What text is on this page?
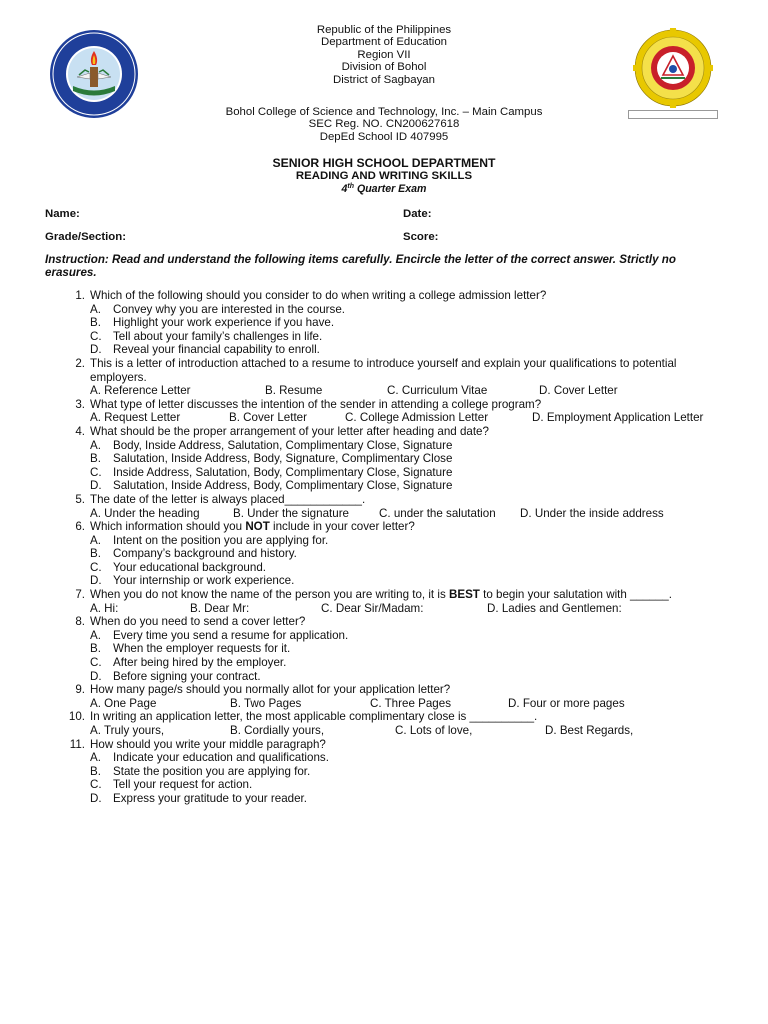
Republic of the Philippines
Department of Education
Region VII
Division of Bohol
District of Sagbayan
Bohol College of Science and Technology, Inc. – Main Campus
SEC Reg. NO. CN200627618
DepEd School ID 407995
SENIOR HIGH SCHOOL DEPARTMENT
READING AND WRITING SKILLS
4th Quarter Exam
Name:	Date:
Grade/Section:	Score:
Instruction: Read and understand the following items carefully. Encircle the letter of the correct answer. Strictly no erasures.
1. Which of the following should you consider to do when writing a college admission letter?
A. Convey why you are interested in the course.
B. Highlight your work experience if you have.
C. Tell about your family’s challenges in life.
D. Reveal your financial capability to enroll.
2. This is a letter of introduction attached to a resume to introduce yourself and explain your qualifications to potential employers.
A. Reference Letter	B. Resume	C. Curriculum Vitae	D. Cover Letter
3. What type of letter discusses the intention of the sender in attending a college program?
A. Request Letter	B. Cover Letter	C. College Admission Letter	D. Employment Application Letter
4. What should be the proper arrangement of your letter after heading and date?
A. Body, Inside Address, Salutation, Complimentary Close, Signature
B. Salutation, Inside Address, Body, Signature, Complimentary Close
C. Inside Address, Salutation, Body, Complimentary Close, Signature
D. Salutation, Inside Address, Body, Complimentary Close, Signature
5. The date of the letter is always placed____________.
A. Under the heading	B. Under the signature	C. under the salutation D. Under the inside address
6. Which information should you NOT include in your cover letter?
A. Intent on the position you are applying for.
B. Company’s background and history.
C. Your educational background.
D. Your internship or work experience.
7. When you do not know the name of the person you are writing to, it is BEST to begin your salutation with ______.
A. Hi:	B. Dear Mr:	C. Dear Sir/Madam:	D. Ladies and Gentlemen:
8. When do you need to send a cover letter?
A. Every time you send a resume for application.
B. When the employer requests for it.
C. After being hired by the employer.
D. Before signing your contract.
9. How many page/s should you normally allot for your application letter?
A. One Page	B. Two Pages	C. Three Pages	D. Four or more pages
10. In writing an application letter, the most applicable complimentary close is __________.
A. Truly yours,	B. Cordially yours,	C. Lots of love,	D. Best Regards,
11. How should you write your middle paragraph?
A. Indicate your education and qualifications.
B. State the position you are applying for.
C. Tell your request for action.
D. Express your gratitude to your reader.
